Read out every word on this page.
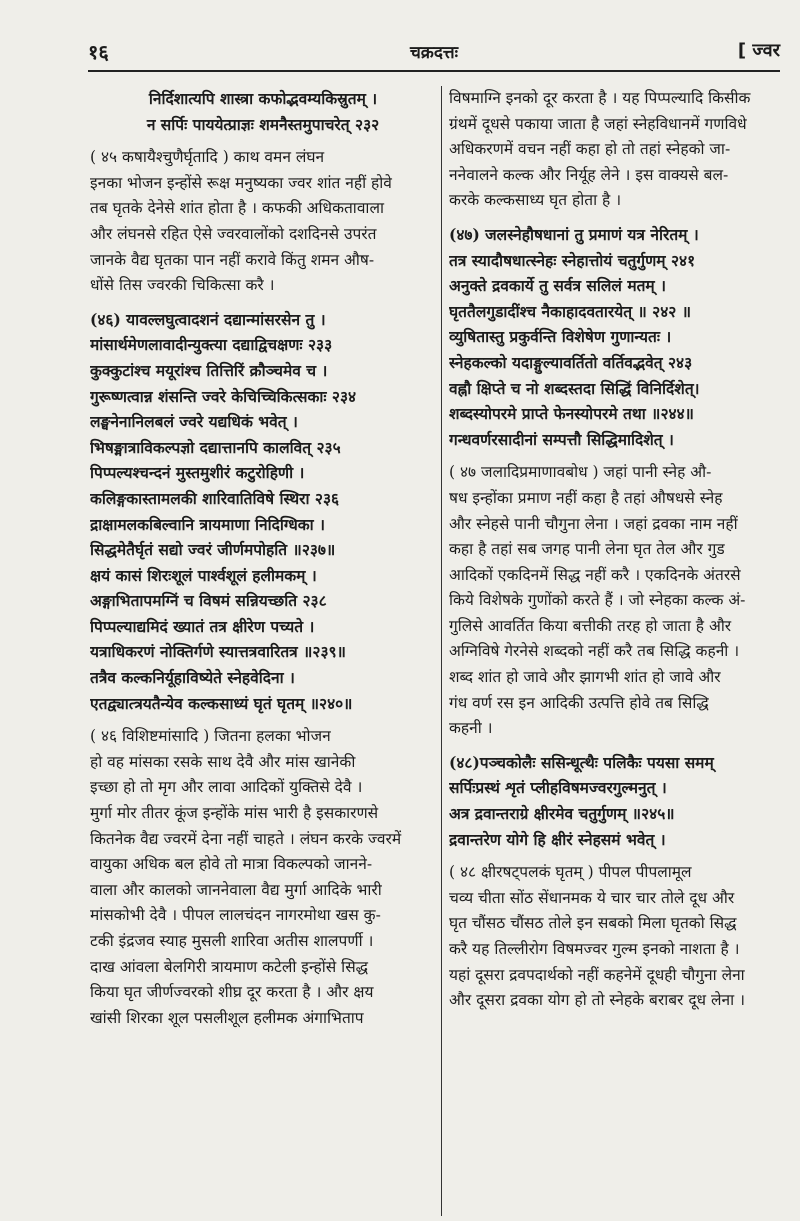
१६	चक्रदत्तः	[ ज्वर
निर्दिशात्यपि शास्त्रा कफोद्भवम्यकिस्रुतम् ।
न सर्पिः पाययेत्प्राज्ञः शमनैस्तमुपाचरेत् २३२
( ४५ कषायैश्चुणैर्घृतादि ) काथ वमन लंघन
इनका भोजन इन्होंसे रूक्ष मनुष्यका ज्वर शांत नहीं होवे
तब घृतके देनेसे शांत होता है । कफकी अधिकतावाला
और लंघनसे रहित ऐसे ज्वरवालोंको दशदिनसे उपरंत
जानके वैद्य घृतका पान नहीं करावे किंतु शमन औष-
धोंसे तिस ज्वरकी चिकित्सा करै ।
(४६) यावल्लघुत्वादशनं दद्यान्मांसरसेन तु ।
मांसार्थमेणलावादीन्युक्त्या दद्याद्विचक्षणः २३३
कुक्कुटांश्च मयूरांश्च तित्तिरिं क्रौञ्चमेव च ।
गुरूष्णत्वान्न शंसन्ति ज्वरे केचिच्चिकित्सकाः २३४
लङ्घनेनानिलबलं ज्वरे यद्यधिकं भवेत् ।
भिषङ्मात्राविकल्पज्ञो दद्यात्तानपि कालवित् २३५
पिप्पल्यश्चन्दनं मुस्तमुशीरं कटुरोहिणी ।
कलिङ्गकास्तामलकी शारिवातिविषे स्थिरा २३६
द्राक्षामलकबिल्वानि त्रायमाणा निदिग्धिका ।
सिद्धमेतैर्घृतं सद्यो ज्वरं जीर्णमपोहति ॥२३७॥
क्षयं कासं शिरःशूलं पार्श्वशूलं हलीमकम् ।
अङ्गाभितापमग्निं च विषमं सन्नियच्छति २३८
पिप्पल्याद्यमिदं ख्यातं तत्र क्षीरेण पच्यते ।
यत्राधिकरणं नोक्तिर्गणे स्यात्तत्रवारितत्र ॥२३९॥
तत्रैव कल्कनिर्यूहाविष्येते स्नेहवेदिना ।
एतद्व्यात्त्रयतैन्येव कल्कसाध्यं घृतं घृतम् ॥२४०॥
( ४६ विशिष्टमांसादि ) जितना हलका भोजन
हो वह मांसका रसके साथ देवै और मांस खानेकी
इच्छा हो तो मृग और लावा आदिकों युक्तिसे देवै ।
मुर्गा मोर तीतर कूंज इन्होंके मांस भारी है इसकारणसे
कितनेक वैद्य ज्वरमें देना नहीं चाहते । लंघन करके ज्वरमें
वायुका अधिक बल होवे तो मात्रा विकल्पको जानने-
वाला और कालको जाननेवाला वैद्य मुर्गा आदिके भारी
मांसकोभी देवै । पीपल लालचंदन नागरमोथा खस कु-
टकी इंद्रजव स्याह मुसली शारिवा अतीस शालपर्णी ।
दाख आंवला बेलगिरी त्रायमाण कटेली इन्होंसे सिद्ध
किया घृत जीर्णज्वरको शीघ्र दूर करता है । और क्षय
खांसी शिरका शूल पसलीशूल हलीमक अंगाभिताप
विषमाग्नि इनको दूर करता है । यह पिप्पल्यादि किसीक
ग्रंथमें दूधसे पकाया जाता है जहां स्नेहविधानमें गणविधे
अधिकरणमें वचन नहीं कहा हो तो तहां स्नेहको जा-
ननेवालने कल्क और निर्यूह लेने । इस वाक्यसे बल-
करके कल्कसाध्य घृत होता है ।
(४७) जलस्नेहौषधानां तु प्रमाणं यत्र नेरितम् ।
तत्र स्यादौषधात्स्नेहः स्नेहात्तोयं चतुर्गुणम् २४१
अनुक्ते द्रवकार्ये तु सर्वत्र सलिलं मतम् ।
घृततैलगुडादींश्च नैकाहादवतारयेत् ॥ २४२ ॥
व्युषितास्तु प्रकुर्वन्ति विशेषेण गुणान्यतः ।
स्नेहकल्को यदाङ्गुल्यावर्तितो वर्तिवद्भवेत् २४३
वह्नौ क्षिप्ते च नो शब्दस्तदा सिद्धिं विनिर्दिशेत्।
शब्दस्योपरमे प्राप्ते फेनस्योपरमे तथा ॥२४४॥
गन्धवर्णरसादीनां सम्पत्तौ सिद्धिमादिशेत् ।
( ४७ जलादिप्रमाणावबोध ) जहां पानी स्नेह औ-
षध इन्होंका प्रमाण नहीं कहा है तहां औषधसे स्नेह
और स्नेहसे पानी चौगुना लेना । जहां द्रवका नाम नहीं
कहा है तहां सब जगह पानी लेना घृत तेल और गुड
आदिकों एकदिनमें सिद्ध नहीं करै । एकदिनके अंतरसे
किये विशेषके गुणोंको करते हैं । जो स्नेहका कल्क अं-
गुलिसे आवर्तित किया बत्तीकी तरह हो जाता है और
अग्निविषे गेरनेसे शब्दको नहीं करै तब सिद्धि कहनी ।
शब्द शांत हो जावे और झागभी शांत हो जावे और
गंध वर्ण रस इन आदिकी उत्पत्ति होवे तब सिद्धि
कहनी ।
(४८)पञ्चकोलैः ससिन्धूत्थैः पलिकैः पयसा समम्
सर्पिःप्रस्थं शृतं प्लीहविषमज्वरगुल्मनुत् ।
अत्र द्रवान्तराग्रे क्षीरमेव चतुर्गुणम् ॥२४५॥
द्रवान्तरेण योगे हि क्षीरं स्नेहसमं भवेत् ।
( ४८ क्षीरषट्पलकं घृतम् ) पीपल पीपलामूल
चव्य चीता सोंठ सेंधानमक ये चार चार तोले दूध और
घृत चौंसठ चौंसठ तोले इन सबको मिला घृतको सिद्ध
करै यह तिल्लीरोग विषमज्वर गुल्म इनको नाशता है ।
यहां दूसरा द्रवपदार्थको नहीं कहनेमें दूधही चौगुना लेना
और दूसरा द्रवका योग हो तो स्नेहके बराबर दूध लेना ।
